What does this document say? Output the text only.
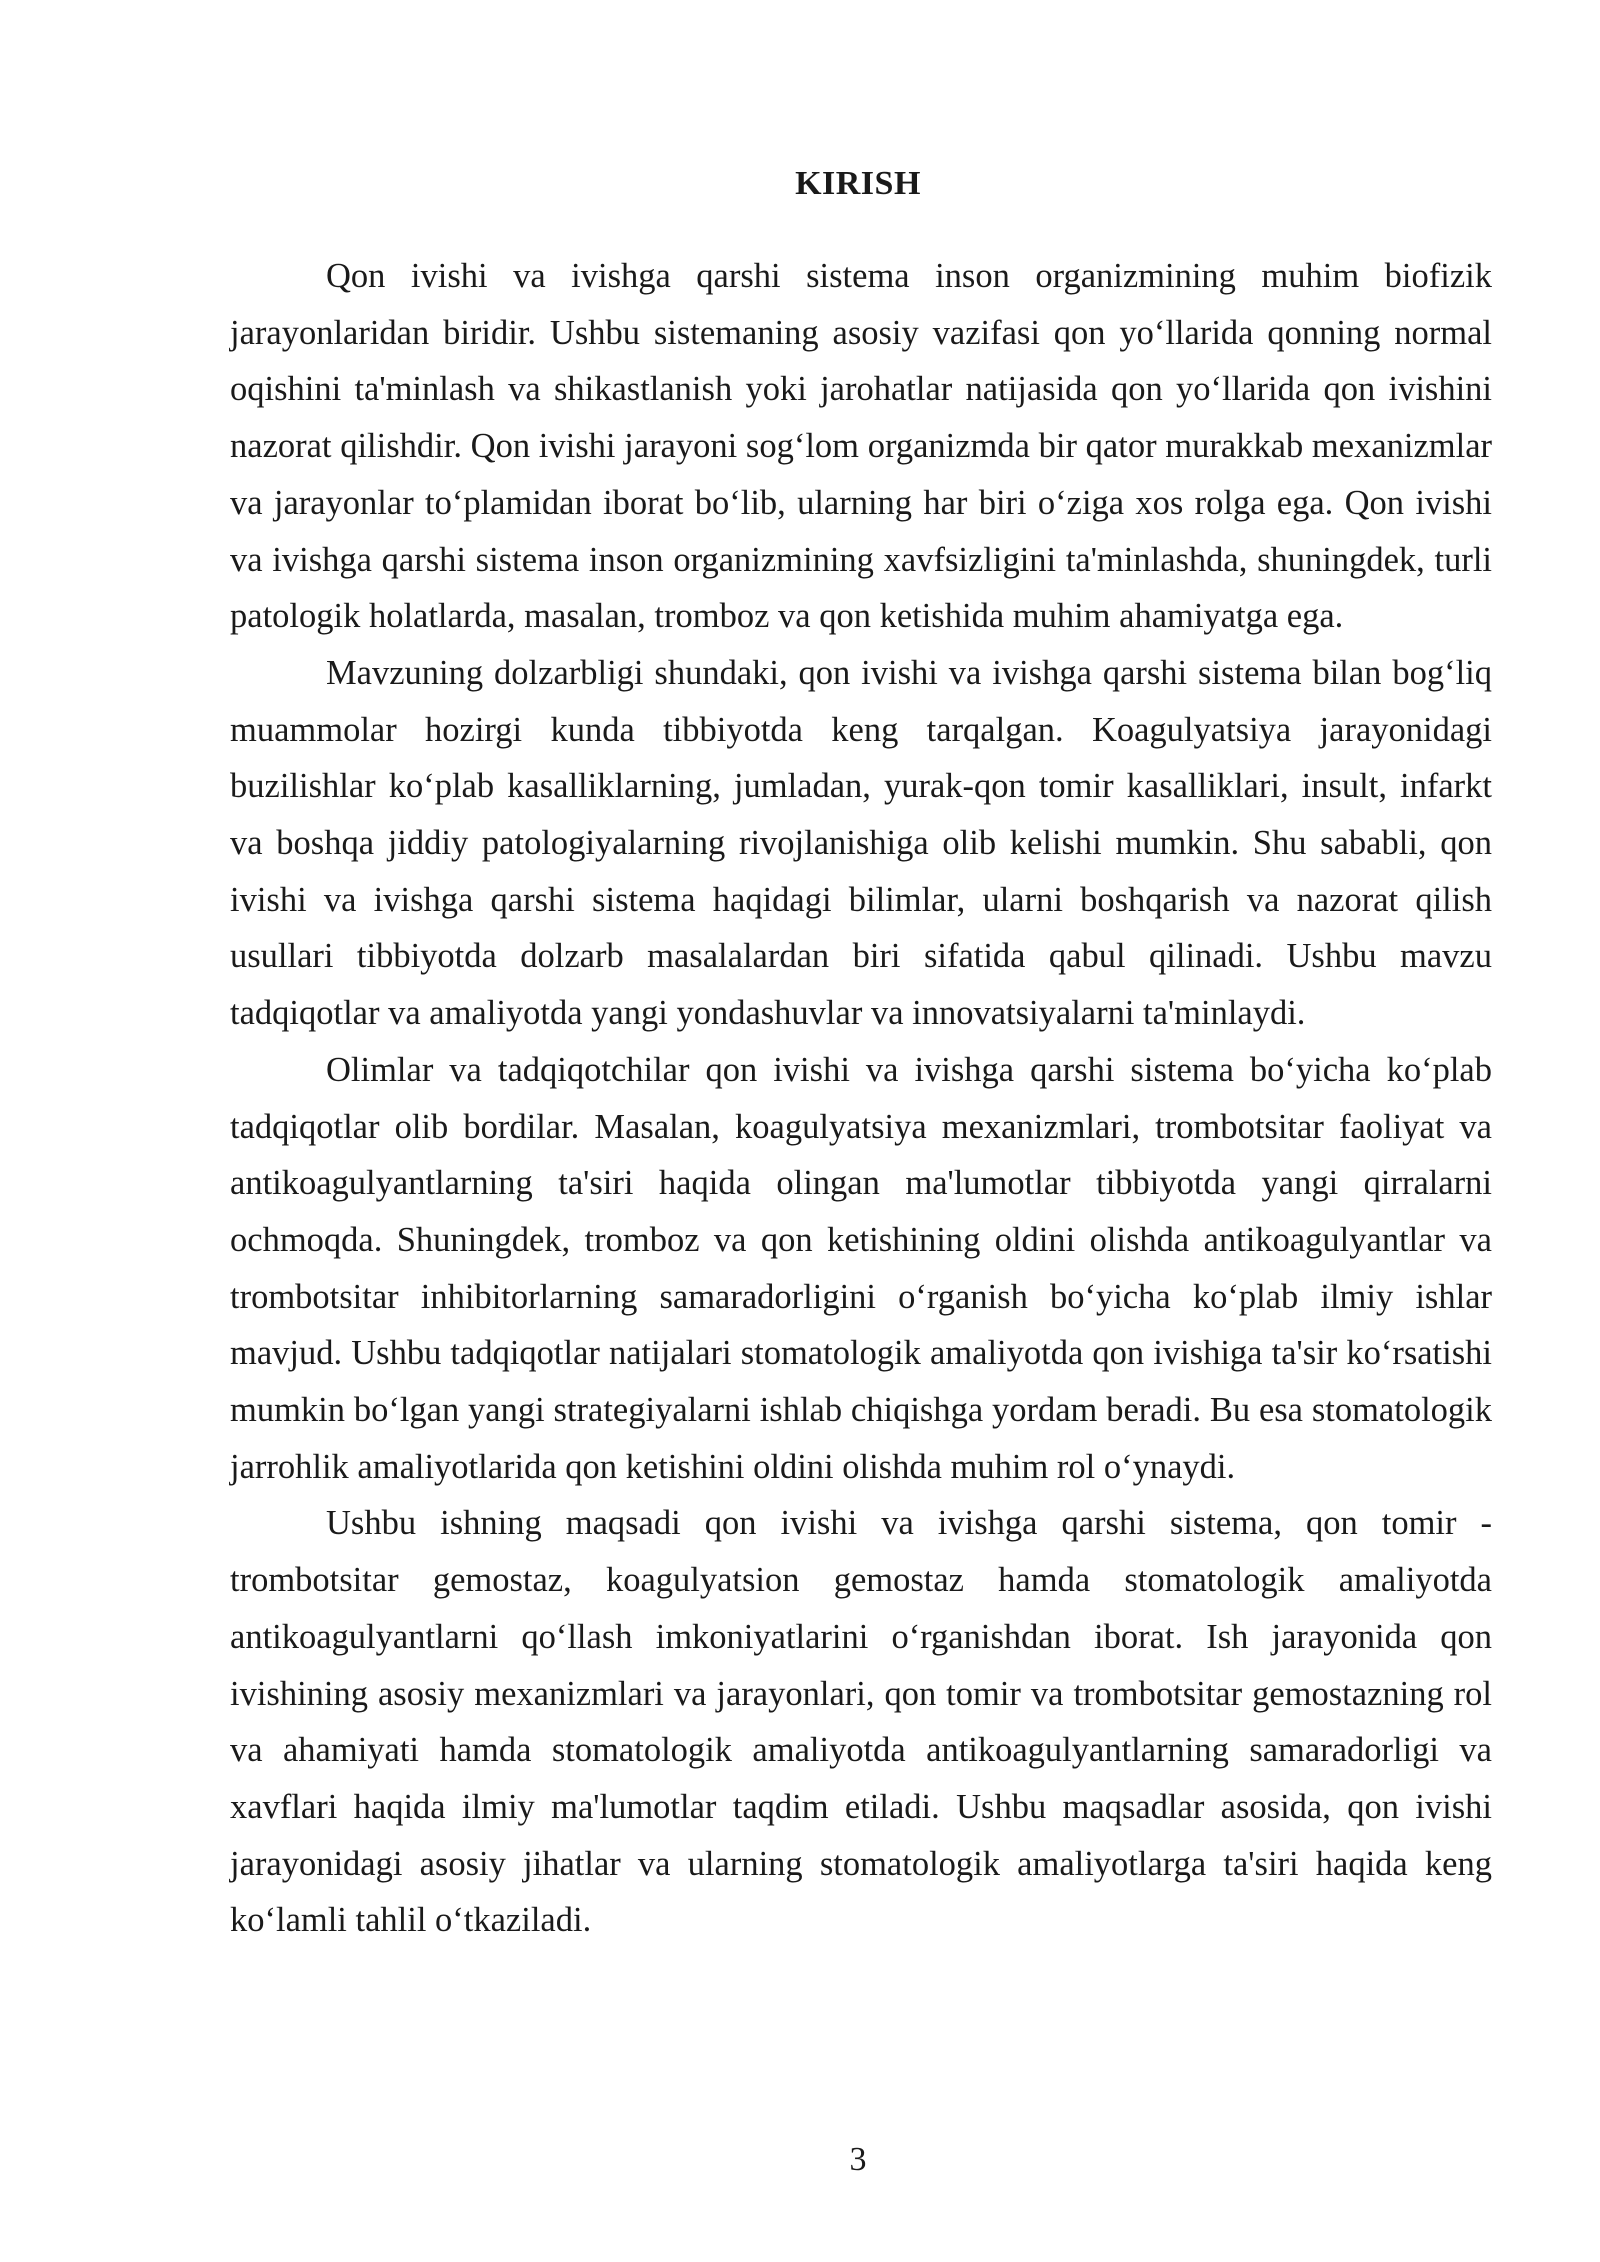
KIRISH

Qon ivishi va ivishga qarshi sistema inson organizmining muhim biofizik jarayonlaridan biridir. Ushbu sistemaning asosiy vazifasi qon yo‘llarida qonning normal oqishini ta'minlash va shikastlanish yoki jarohatlar natijasida qon yo‘llarida qon ivishini nazorat qilishdir. Qon ivishi jarayoni sog‘lom organizmda bir qator murakkab mexanizmlar va jarayonlar to‘plamidan iborat bo‘lib, ularning har biri o‘ziga xos rolga ega. Qon ivishi va ivishga qarshi sistema inson organizmining xavfsizligini ta'minlashda, shuningdek, turli patologik holatlarda, masalan, tromboz va qon ketishida muhim ahamiyatga ega.

Mavzuning dolzarbligi shundaki, qon ivishi va ivishga qarshi sistema bilan bog‘liq muammolar hozirgi kunda tibbiyotda keng tarqalgan. Koagulyatsiya jarayonidagi buzilishlar ko‘plab kasalliklarning, jumladan, yurak-qon tomir kasalliklari, insult, infarkt va boshqa jiddiy patologiyalarning rivojlanishiga olib kelishi mumkin. Shu sababli, qon ivishi va ivishga qarshi sistema haqidagi bilimlar, ularni boshqarish va nazorat qilish usullari tibbiyotda dolzarb masalalardan biri sifatida qabul qilinadi. Ushbu mavzu tadqiqotlar va amaliyotda yangi yondashuvlar va innovatsiyalarni ta'minlaydi.

Olimlar va tadqiqotchilar qon ivishi va ivishga qarshi sistema bo‘yicha ko‘plab tadqiqotlar olib bordilar. Masalan, koagulyatsiya mexanizmlari, trombotsitar faoliyat va antikoagulyantlarning ta'siri haqida olingan ma'lumotlar tibbiyotda yangi qirralarni ochmoqda. Shuningdek, tromboz va qon ketishining oldini olishda antikoagulyantlar va trombotsitar inhibitorlarning samaradorligini o‘rganish bo‘yicha ko‘plab ilmiy ishlar mavjud. Ushbu tadqiqotlar natijalari stomatologik amaliyotda qon ivishiga ta'sir ko‘rsatishi mumkin bo‘lgan yangi strategiyalarni ishlab chiqishga yordam beradi. Bu esa stomatologik jarrohlik amaliyotlarida qon ketishini oldini olishda muhim rol o‘ynaydi.

Ushbu ishning maqsadi qon ivishi va ivishga qarshi sistema, qon tomir - trombotsitar gemostaz, koagulyatsion gemostaz hamda stomatologik amaliyotda antikoagulyantlarni qo‘llash imkoniyatlarini o‘rganishdan iborat. Ish jarayonida qon ivishining asosiy mexanizmlari va jarayonlari, qon tomir va trombotsitar gemostazning rol va ahamiyati hamda stomatologik amaliyotda antikoagulyantlarning samaradorligi va xavflari haqida ilmiy ma'lumotlar taqdim etiladi. Ushbu maqsadlar asosida, qon ivishi jarayonidagi asosiy jihatlar va ularning stomatologik amaliyotlarga ta'siri haqida keng ko‘lamli tahlil o‘tkaziladi.

3
